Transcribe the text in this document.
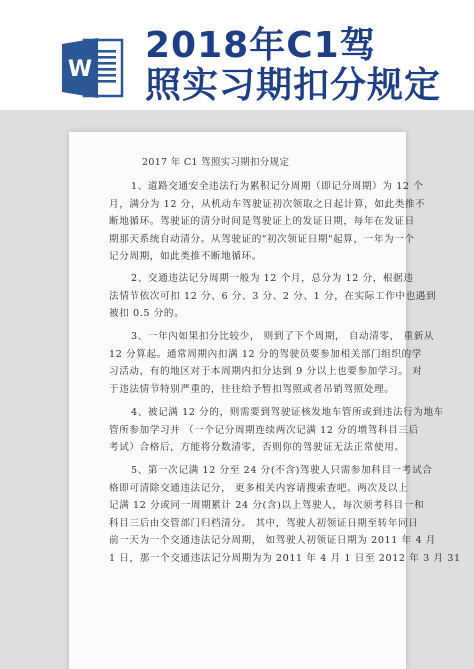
W
2018年C1驾
照实习期扣分规定
2017 年 C1 驾照实习期扣分规定
1、道路交通安全违法行为累积记分周期（即记分周期）为 12 个
月，满分为 12 分，从机动车驾驶证初次领取之日起计算，如此类推不
断地循环。驾驶证的清分时间是驾驶证上的发证日期，每年在发证日
期那天系统自动清分。从驾驶证的"初次领证日期"起算，一年为一个
记分周期，如此类推不断地循环。
2、交通违法记分周期一般为 12 个月，总分为 12 分，根据违
法情节依次可扣 12 分、6 分、3 分、2 分、1 分，在实际工作中也遇到
被扣 0.5 分的。
3、一年內如果扣分比较少， 则到了下个周期， 自动清零， 重新从
12 分算起。通常周期內扣满 12 分的驾驶员要参加相关部门组织的学
习活动，有的地区对于本周期内扣分达到 9 分以上也要参加学习。 对
于违法情节特别严重的，往往给予暂扣驾照或者吊销驾照处理。
4、被记满 12 分的，则需要到驾驶证核发地车管所或到违法行为地车
管所参加学习并 （一个记分周期连续两次记满 12 分的增驾科目三后
考试）合格后，方能将分数清零，否则你的驾驶证无法正常使用。
5、第一次记满 12 分至 24 分(不含)驾驶人只需参加科目一考试合
格即可清除交通违法记分， 更多相关内容请搜索查吧。两次及以上
记满 12 分或同一周期累计 24 分(含)以上驾驶人，每次须考科目一和
科目三后由交管部门归档清分。 其中，驾驶人初领证日期至转年同日
前一天为一个交通违法记分周期， 如驾驶人初领证日期为 2011 年 4 月
1 日，那一个交通违法记分周期为为 2011 年 4 月 1 日至 2012 年 3 月 31
